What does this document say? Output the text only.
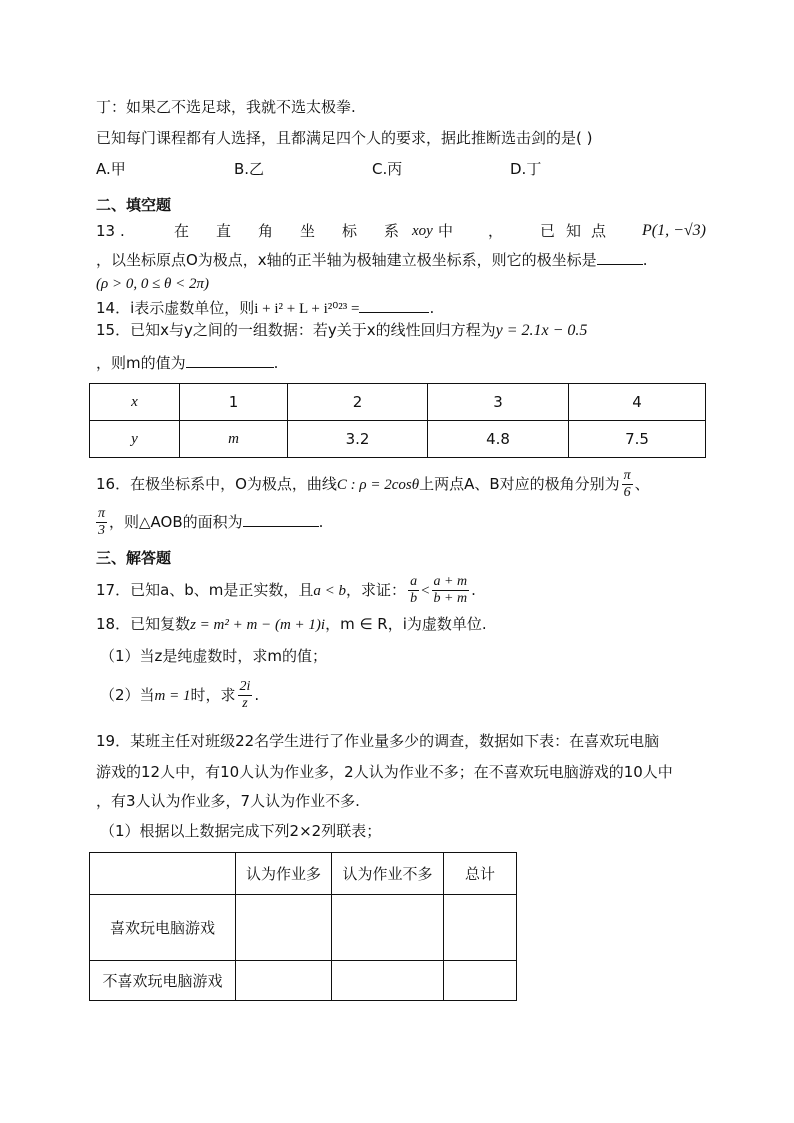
丁：如果乙不选足球，我就不选太极拳.
已知每门课程都有人选择，且都满足四个人的要求，据此推断选击剑的是( )
A.甲	B.乙	C.丙	D.丁
二、填空题
13 .	在 直 角 坐 标 系 xoy 中 ， 已 知 点 P(1, −√3)
，以坐标原点O为极点，x轴的正半轴为极轴建立极坐标系，则它的极坐标是	.
(ρ > 0, 0 ≤ θ < 2π)
14．i表示虚数单位，则i + i² + L + i²⁰²³ =	.
15．已知x与y之间的一组数据：若y关于x的线性回归方程为y = 2.1x − 0.5
，则m的值为	.
x	1	2	3	4
y	m	3.2	4.8	7.5
16．在极坐标系中，O为极点，曲线C : ρ = 2cosθ上两点A、B对应的极角分别为 $\frac{\pi}{6}$ 、
$\frac{\pi}{3}$ ，则△AOB的面积为	.
三、解答题
17．已知a、b、m是正实数，且a < b，求证： $\frac{a}{b} < \frac{a + m}{b + m}$ .
18．已知复数z = m² + m − (m + 1)i，m ∈ R，i为虚数单位.
（1）当z是纯虚数时，求m的值；
（2）当m = 1时，求 $\frac{2i}{z}$ .
19．某班主任对班级22名学生进行了作业量多少的调查，数据如下表：在喜欢玩电脑
游戏的12人中，有10人认为作业多，2人认为作业不多；在不喜欢玩电脑游戏的10人中
，有3人认为作业多，7人认为作业不多.
（1）根据以上数据完成下列2×2列联表；
	认为作业多	认为作业不多	总计
喜欢玩电脑游戏			
不喜欢玩电脑游戏			
